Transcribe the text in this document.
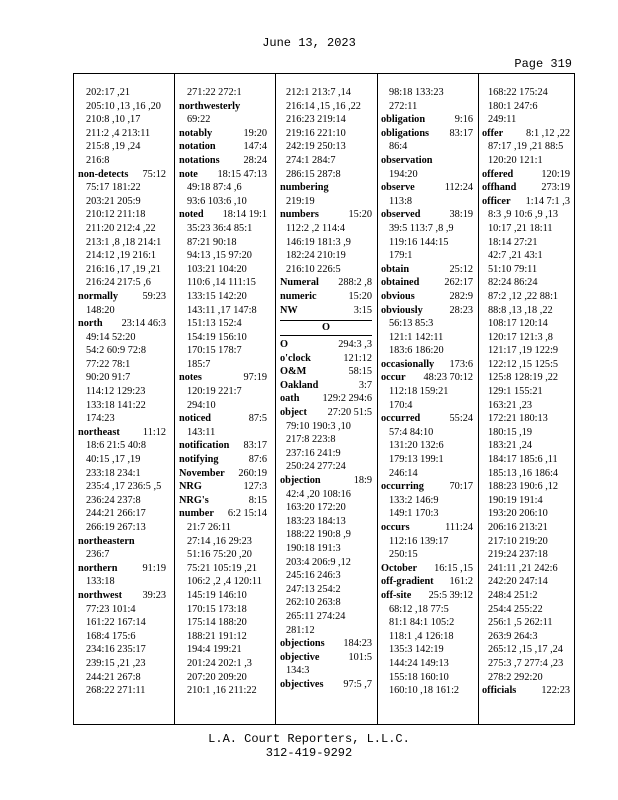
June 13, 2023
Page 319
202:17 ,21
205:10 ,13 ,16 ,20
210:8 ,10 ,17
211:2 ,4 213:11
215:8 ,19 ,24
216:8
non-detects 75:12
75:17 181:22
203:21 205:9
210:12 211:18
211:20 212:4 ,22
213:1 ,8 ,18 214:1
214:12 ,19 216:1
216:16 ,17 ,19 ,21
216:24 217:5 ,6
normally 59:23
148:20
north 23:14 46:3
49:14 52:20
54:2 60:9 72:8
77:22 78:1
90:20 91:7
114:12 129:23
133:18 141:22
174:23
northeast 11:12
18:6 21:5 40:8
40:15 ,17 ,19
233:18 234:1
235:4 ,17 236:5 ,5
236:24 237:8
244:21 266:17
266:19 267:13
northeastern
236:7
northern 91:19
133:18
northwest 39:23
77:23 101:4
161:22 167:14
168:4 175:6
234:16 235:17
239:15 ,21 ,23
244:21 267:8
268:22 271:11
271:22 272:1
northwesterly
69:22
notably	19:20
notation	147:4
notations 28:24
note 18:15 47:13
49:18 87:4 ,6
93:6 103:6 ,10
noted 18:14 19:1
35:23 36:4 85:1
87:21 90:18
94:13 ,15 97:20
103:21 104:20
110:6 ,14 111:15
133:15 142:20
143:11 ,17 147:8
151:13 152:4
154:19 156:10
170:15 178:7
185:7
notes	97:19
120:19 221:7
294:10
noticed	87:5
143:11
notification 83:17
notifying	87:6
November 260:19
NRG	127:3
NRG's	8:15
number 6:2 15:14
21:7 26:11
27:14 ,16 29:23
51:16 75:20 ,20
75:21 105:19 ,21
106:2 ,2 ,4 120:11
145:19 146:10
170:15 173:18
175:14 188:20
188:21 191:12
194:4 199:21
201:24 202:1 ,3
207:20 209:20
210:1 ,16 211:22
212:1 213:7 ,14
216:14 ,15 ,16 ,22
216:23 219:14
219:16 221:10
242:19 250:13
274:1 284:7
286:15 287:8
numbering
219:19
numbers	15:20
112:2 ,2 114:4
146:19 181:3 ,9
182:24 210:19
216:10 226:5
Numeral 288:2 ,8
numeric	15:20
NW	3:15
O
O	294:3 ,3
o'clock	121:12
O&M	58:15
Oakland	3:7
oath 129:2 294:6
object 27:20 51:5
79:10 190:3 ,10
217:8 223:8
237:16 241:9
250:24 277:24
objection	18:9
42:4 ,20 108:16
163:20 172:20
183:23 184:13
188:22 190:8 ,9
190:18 191:3
203:4 206:9 ,12
245:16 246:3
247:13 254:2
262:10 263:8
265:11 274:24
281:12
objections 184:23
objective	101:5
134:3
objectives 97:5 ,7
98:18 133:23
272:11
obligation	9:16
obligations 83:17
86:4
observation
194:20
observe	112:24
113:8
observed	38:19
39:5 113:7 ,8 ,9
119:16 144:15
179:1
obtain	25:12
obtained 262:17
obvious	282:9
obviously	28:23
56:13 85:3
121:1 142:11
183:6 186:20
occasionally 173:6
occur 48:23 70:12
112:18 159:21
170:4
occurred	55:24
57:4 84:10
131:20 132:6
179:13 199:1
246:14
occurring 70:17
133:2 146:9
149:1 170:3
occurs	111:24
112:16 139:17
250:15
October 16:15 ,15
off-gradient 161:2
off-site 25:5 39:12
68:12 ,18 77:5
81:1 84:1 105:2
118:1 ,4 126:18
135:3 142:19
144:24 149:13
155:18 160:10
160:10 ,18 161:2
168:22 175:24
180:1 247:6
249:11
offer 8:1 ,12 ,22
87:17 ,19 ,21 88:5
120:20 121:1
offered	120:19
offhand 273:19
officer 1:14 7:1 ,3
8:3 ,9 10:6 ,9 ,13
10:17 ,21 18:11
18:14 27:21
42:7 ,21 43:1
51:10 79:11
82:24 86:24
87:2 ,12 ,22 88:1
88:8 ,13 ,18 ,22
108:17 120:14
120:17 121:3 ,8
121:17 ,19 122:9
122:12 ,15 125:5
125:8 128:19 ,22
129:1 155:21
163:21 ,23
172:21 180:13
180:15 ,19
183:21 ,24
184:17 185:6 ,11
185:13 ,16 186:4
188:23 190:6 ,12
190:19 191:4
193:20 206:10
206:16 213:21
217:10 219:20
219:24 237:18
241:11 ,21 242:6
242:20 247:14
248:4 251:2
254:4 255:22
256:1 ,5 262:11
263:9 264:3
265:12 ,15 ,17 ,24
275:3 ,7 277:4 ,23
278:2 292:20
officials 122:23
L.A. Court Reporters, L.L.C.
312-419-9292
